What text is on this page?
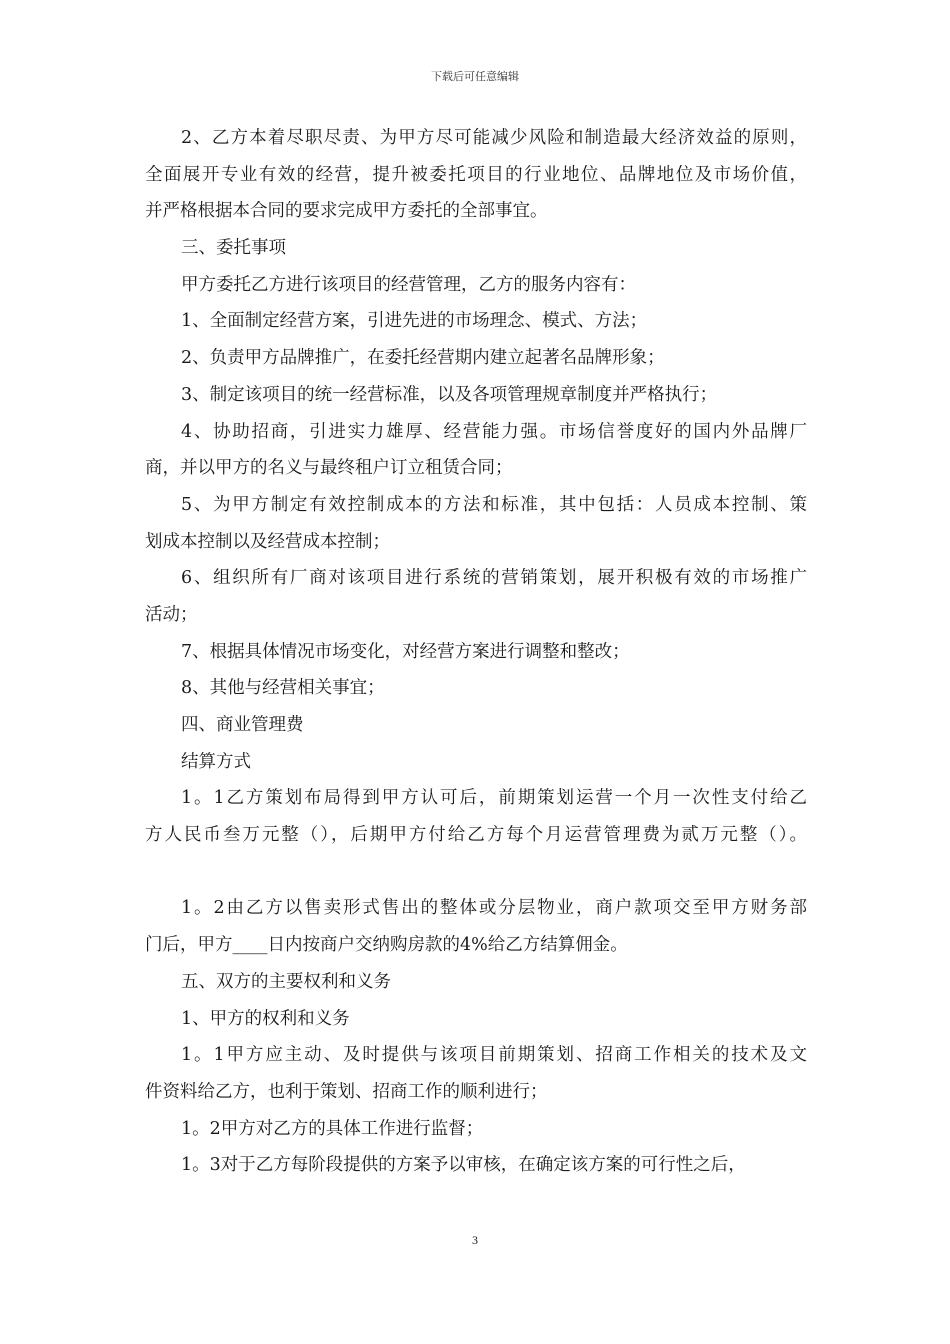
下载后可任意编辑
2、乙方本着尽职尽责、为甲方尽可能减少风险和制造最大经济效益的原则，
全面展开专业有效的经营，提升被委托项目的行业地位、品牌地位及市场价值，
并严格根据本合同的要求完成甲方委托的全部事宜。
三、委托事项
甲方委托乙方进行该项目的经营管理，乙方的服务内容有：
1、全面制定经营方案，引进先进的市场理念、模式、方法；
2、负责甲方品牌推广，在委托经营期内建立起著名品牌形象；
3、制定该项目的统一经营标准，以及各项管理规章制度并严格执行；
4、协助招商，引进实力雄厚、经营能力强。市场信誉度好的国内外品牌厂
商，并以甲方的名义与最终租户订立租赁合同；
5、为甲方制定有效控制成本的方法和标准，其中包括：人员成本控制、策
划成本控制以及经营成本控制；
6、组织所有厂商对该项目进行系统的营销策划，展开积极有效的市场推广
活动；
7、根据具体情况市场变化，对经营方案进行调整和整改；
8、其他与经营相关事宜；
四、商业管理费
结算方式
1。1乙方策划布局得到甲方认可后，前期策划运营一个月一次性支付给乙
方人民币叁万元整（），后期甲方付给乙方每个月运营管理费为贰万元整（）。
1。2由乙方以售卖形式售出的整体或分层物业，商户款项交至甲方财务部
门后，甲方____日内按商户交纳购房款的4%给乙方结算佣金。
五、双方的主要权利和义务
1、甲方的权利和义务
1。1甲方应主动、及时提供与该项目前期策划、招商工作相关的技术及文
件资料给乙方，也利于策划、招商工作的顺利进行；
1。2甲方对乙方的具体工作进行监督；
1。3对于乙方每阶段提供的方案予以审核，在确定该方案的可行性之后，
3
